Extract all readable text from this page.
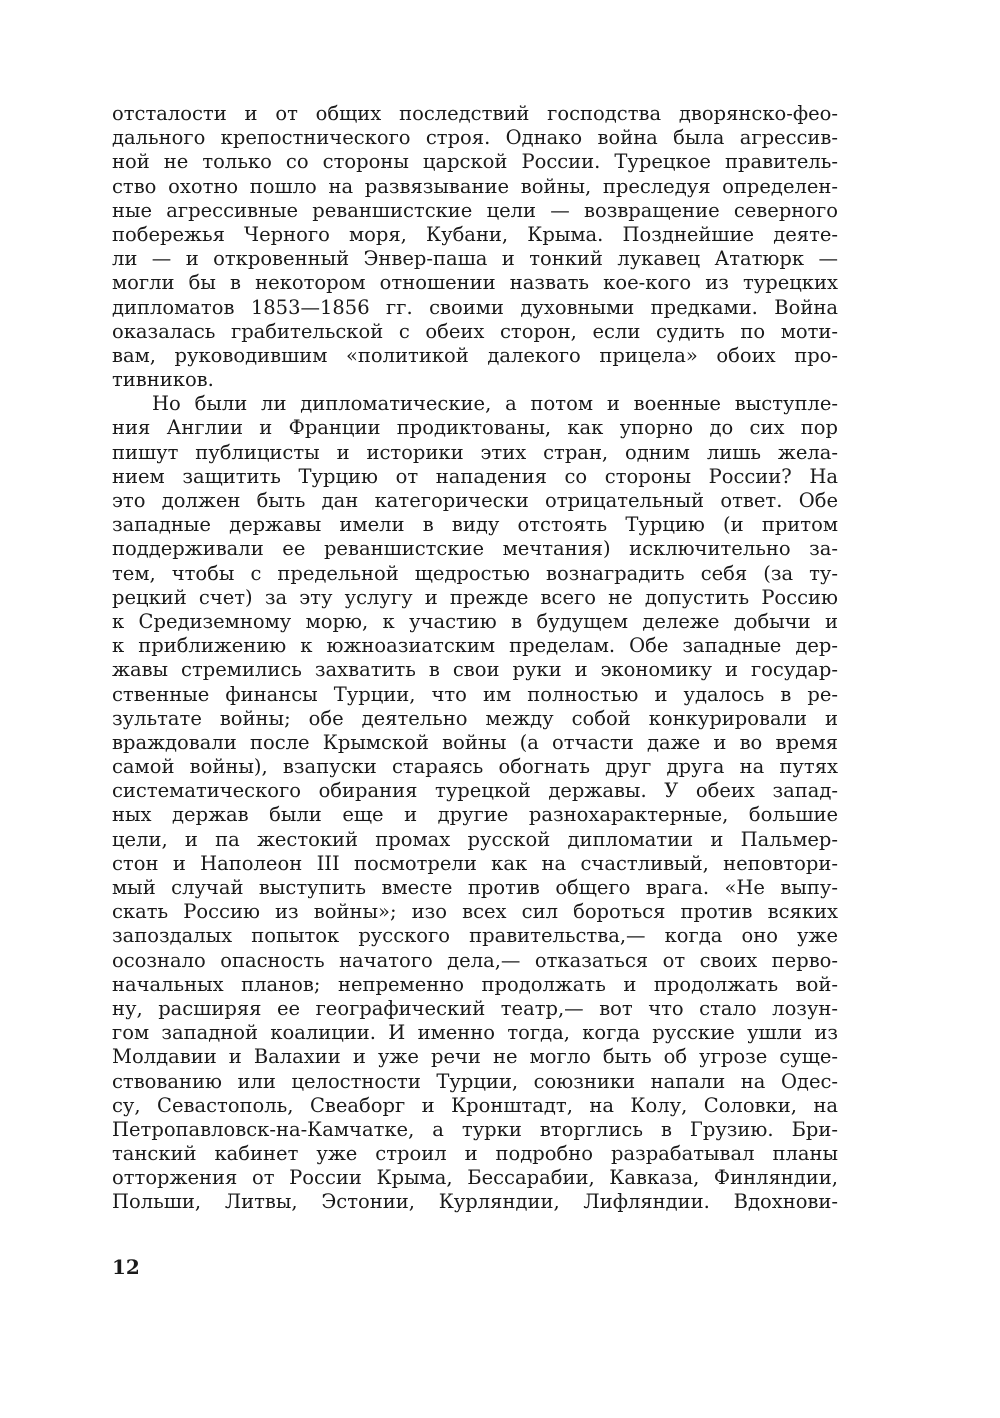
отсталости и от общих последствий господства дворянско-фео-
дального крепостнического строя. Однако война была агрессив-
ной не только со стороны царской России. Турецкое правитель-
ство охотно пошло на развязывание войны, преследуя определен-
ные агрессивные реваншистские цели — возвращение северного
побережья Черного моря, Кубани, Крыма. Позднейшие деяте-
ли — и откровенный Энвер-паша и тонкий лукавец Ататюрк —
могли бы в некотором отношении назвать кое-кого из турецких
дипломатов 1853—1856 гг. своими духовными предками. Война
оказалась грабительской с обеих сторон, если судить по моти-
вам, руководившим «политикой далекого прицела» обоих про-
тивников.
Но были ли дипломатические, а потом и военные выступле-
ния Англии и Франции продиктованы, как упорно до сих пор
пишут публицисты и историки этих стран, одним лишь жела-
нием защитить Турцию от нападения со стороны России? На
это должен быть дан категорически отрицательный ответ. Обе
западные державы имели в виду отстоять Турцию (и притом
поддерживали ее реваншистские мечтания) исключительно за-
тем, чтобы с предельной щедростью вознаградить себя (за ту-
рецкий счет) за эту услугу и прежде всего не допустить Россию
к Средиземному морю, к участию в будущем дележе добычи и
к приближению к южноазиатским пределам. Обе западные дер-
жавы стремились захватить в свои руки и экономику и государ-
ственные финансы Турции, что им полностью и удалось в ре-
зультате войны; обе деятельно между собой конкурировали и
враждовали после Крымской войны (а отчасти даже и во время
самой войны), взапуски стараясь обогнать друг друга на путях
систематического обирания турецкой державы. У обеих запад-
ных держав были еще и другие разнохарактерные, большие
цели, и па жестокий промах русской дипломатии и Пальмер-
стон и Наполеон III посмотрели как на счастливый, неповтори-
мый случай выступить вместе против общего врага. «Не выпу-
скать Россию из войны»; изо всех сил бороться против всяких
запоздалых попыток русского правительства,— когда оно уже
осознало опасность начатого дела,— отказаться от своих перво-
начальных планов; непременно продолжать и продолжать вой-
ну, расширяя ее географический театр,— вот что стало лозун-
гом западной коалиции. И именно тогда, когда русские ушли из
Молдавии и Валахии и уже речи не могло быть об угрозе суще-
ствованию или целостности Турции, союзники напали на Одес-
су, Севастополь, Свеаборг и Кронштадт, на Колу, Соловки, на
Петропавловск-на-Камчатке, а турки вторглись в Грузию. Бри-
танский кабинет уже строил и подробно разрабатывал планы
отторжения от России Крыма, Бессарабии, Кавказа, Финляндии,
Польши, Литвы, Эстонии, Курляндии, Лифляндии. Вдохнови-
12
